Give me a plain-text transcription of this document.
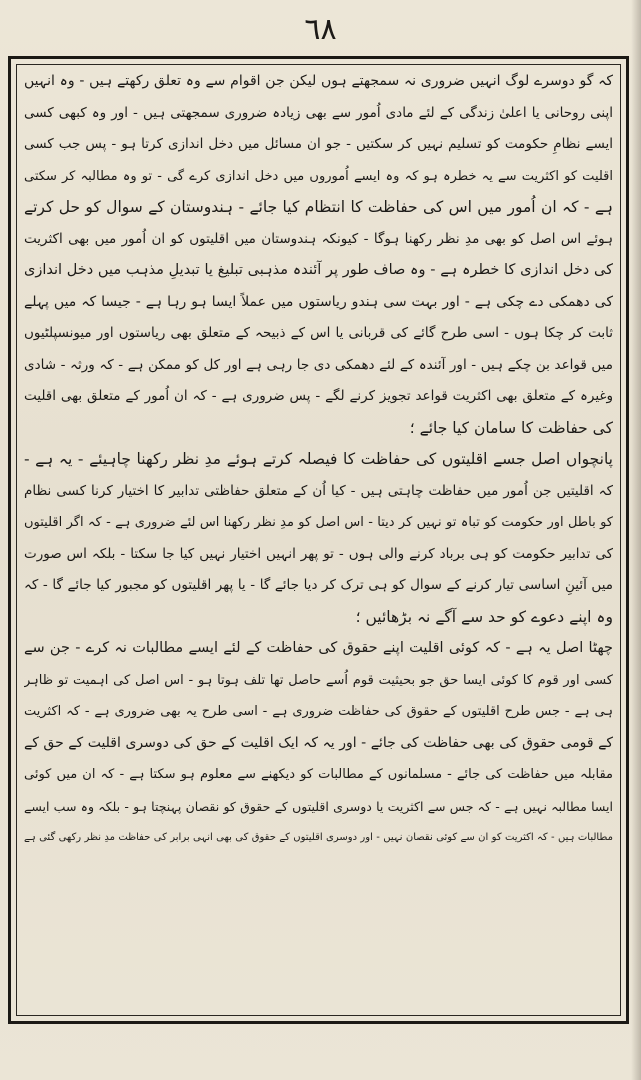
٦٨
کہ گو دوسرے لوگ انہیں ضروری نہ سمجھتے ہوں لیکن جن اقوام سے وہ تعلق رکھتے ہیں - وہ انہیں
اپنی روحانی یا اعلیٰ زندگی کے لئے مادی اُمور سے بھی زیادہ ضروری سمجھتی ہیں - اور وہ کبھی کسی
ایسے نظامِ حکومت کو تسلیم نہیں کر سکتیں - جو ان مسائل میں دخل اندازی کرتا ہو - پس جب کسی
اقلیت کو اکثریت سے یہ خطرہ ہو کہ وہ ایسے اُموروں میں دخل اندازی کرے گی - تو وہ مطالبہ کر سکتی
ہے - کہ ان اُمور میں اس کی حفاظت کا انتظام کیا جائے - ہندوستان کے سوال کو حل کرتے
ہوئے اس اصل کو بھی مدِ نظر رکھنا ہوگا - کیونکہ ہندوستان میں اقلیتوں کو ان اُمور میں بھی اکثریت
کی دخل اندازی کا خطرہ ہے - وہ صاف طور پر آئندہ مذہبی تبلیغ یا تبدیلِ مذہب میں دخل اندازی
کی دھمکی دے چکی ہے - اور بہت سی ہندو ریاستوں میں عملاً ایسا ہو رہا ہے - جیسا کہ میں پہلے
ثابت کر چکا ہوں - اسی طرح گائے کی قربانی یا اس کے ذبیحہ کے متعلق بھی ریاستوں اور میونسپلٹیوں
میں قواعد بن چکے ہیں - اور آئندہ کے لئے دھمکی دی جا رہی ہے اور کل کو ممکن ہے - کہ ورثہ - شادی
وغیرہ کے متعلق بھی اکثریت قواعد تجویز کرنے لگے - پس ضروری ہے - کہ ان اُمور کے متعلق بھی اقلیت
کی حفاظت کا سامان کیا جائے ؛
پانچواں اصل جسے اقلیتوں کی حفاظت کا فیصلہ کرتے ہوئے مدِ نظر رکھنا چاہیئے - یہ ہے -
کہ اقلیتیں جن اُمور میں حفاظت چاہتی ہیں - کیا اُن کے متعلق حفاظتی تدابیر کا اختیار کرنا کسی نظام
کو باطل اور حکومت کو تباہ تو نہیں کر دیتا - اس اصل کو مدِ نظر رکھنا اس لئے ضروری ہے - کہ اگر اقلیتوں
کی تدابیر حکومت کو ہی برباد کرنے والی ہوں - تو پھر انہیں اختیار نہیں کیا جا سکتا - بلکہ اس صورت
میں آئینِ اساسی تیار کرنے کے سوال کو ہی ترک کر دیا جائے گا - یا پھر اقلیتوں کو مجبور کیا جائے گا - کہ
وہ اپنے دعوے کو حد سے آگے نہ بڑھائیں ؛
چھٹا اصل یہ ہے - کہ کوئی اقلیت اپنے حقوق کی حفاظت کے لئے ایسے مطالبات نہ کرے - جن سے
کسی اور قوم کا کوئی ایسا حق جو بحیثیت قوم اُسے حاصل تھا تلف ہوتا ہو - اس اصل کی اہمیت تو ظاہر
ہی ہے - جس طرح اقلیتوں کے حقوق کی حفاظت ضروری ہے - اسی طرح یہ بھی ضروری ہے - کہ اکثریت
کے قومی حقوق کی بھی حفاظت کی جائے - اور یہ کہ ایک اقلیت کے حق کی دوسری اقلیت کے حق کے
مقابلہ میں حفاظت کی جائے - مسلمانوں کے مطالبات کو دیکھنے سے معلوم ہو سکتا ہے - کہ ان میں کوئی
ایسا مطالبہ نہیں ہے - کہ جس سے اکثریت یا دوسری اقلیتوں کے حقوق کو نقصان پہنچتا ہو - بلکہ وہ سب ایسے
مطالبات ہیں - کہ اکثریت کو ان سے کوئی نقصان نہیں - اور دوسری اقلیتوں کے حقوق کی بھی انہی برابر کی حفاظت مدِ نظر رکھی گئی ہے
